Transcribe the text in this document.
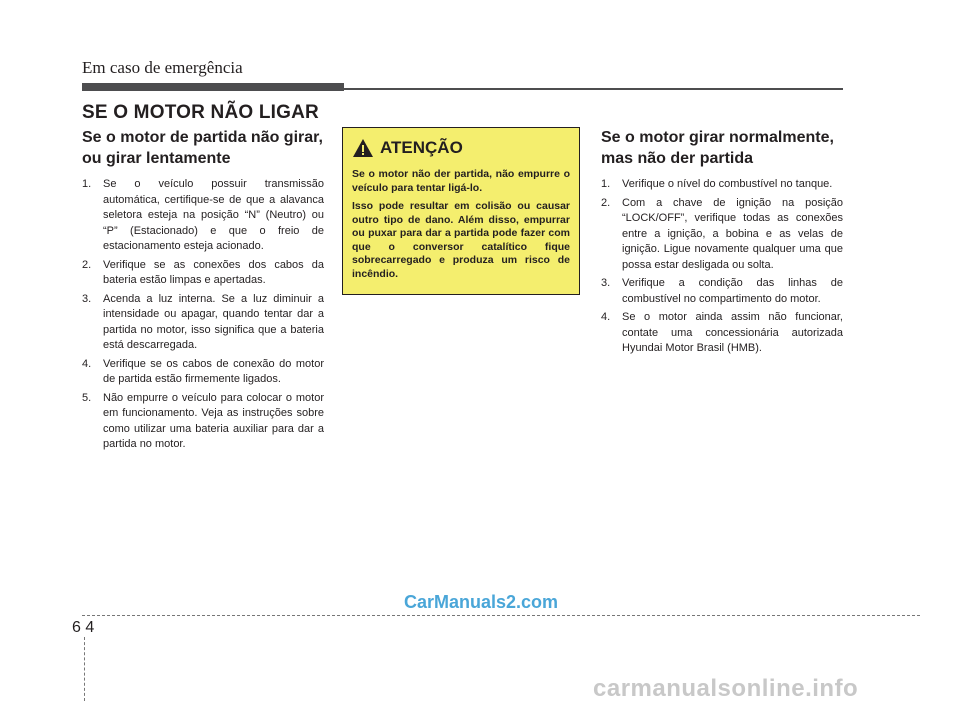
Em caso de emergência
SE O MOTOR NÃO LIGAR
Se o motor de partida não girar, ou girar lentamente
1. Se o veículo possuir transmissão automática, certifique-se de que a alavanca seletora esteja na posição “N” (Neutro) ou “P” (Estacionado) e que o freio de estacionamento esteja acionado.
2. Verifique se as conexões dos cabos da bateria estão limpas e apertadas.
3. Acenda a luz interna. Se a luz diminuir a intensidade ou apagar, quando tentar dar a partida no motor, isso significa que a bateria está descarregada.
4. Verifique se os cabos de conexão do motor de partida estão firmemente ligados.
5. Não empurre o veículo para colocar o motor em funcionamento. Veja as instruções sobre como utilizar uma bateria auxiliar para dar a partida no motor.
ATENÇÃO

Se o motor não der partida, não empurre o veículo para tentar ligá-lo.

Isso pode resultar em colisão ou causar outro tipo de dano. Além disso, empurrar ou puxar para dar a partida pode fazer com que o conversor catalítico fique sobrecarregado e produza um risco de incêndio.

Se o motor girar normalmente, mas não der partida
1. Verifique o nível do combustível no tanque.
2. Com a chave de ignição na posição “LOCK/OFF”, verifique todas as conexões entre a ignição, a bobina e as velas de ignição. Ligue novamente qualquer uma que possa estar desligada ou solta.
3. Verifique a condição das linhas de combustível no compartimento do motor.
4. Se o motor ainda assim não funcionar, contate uma concessionária autorizada Hyundai Motor Brasil (HMB).
CarManuals2.com
6 4
carmanualsonline.info
